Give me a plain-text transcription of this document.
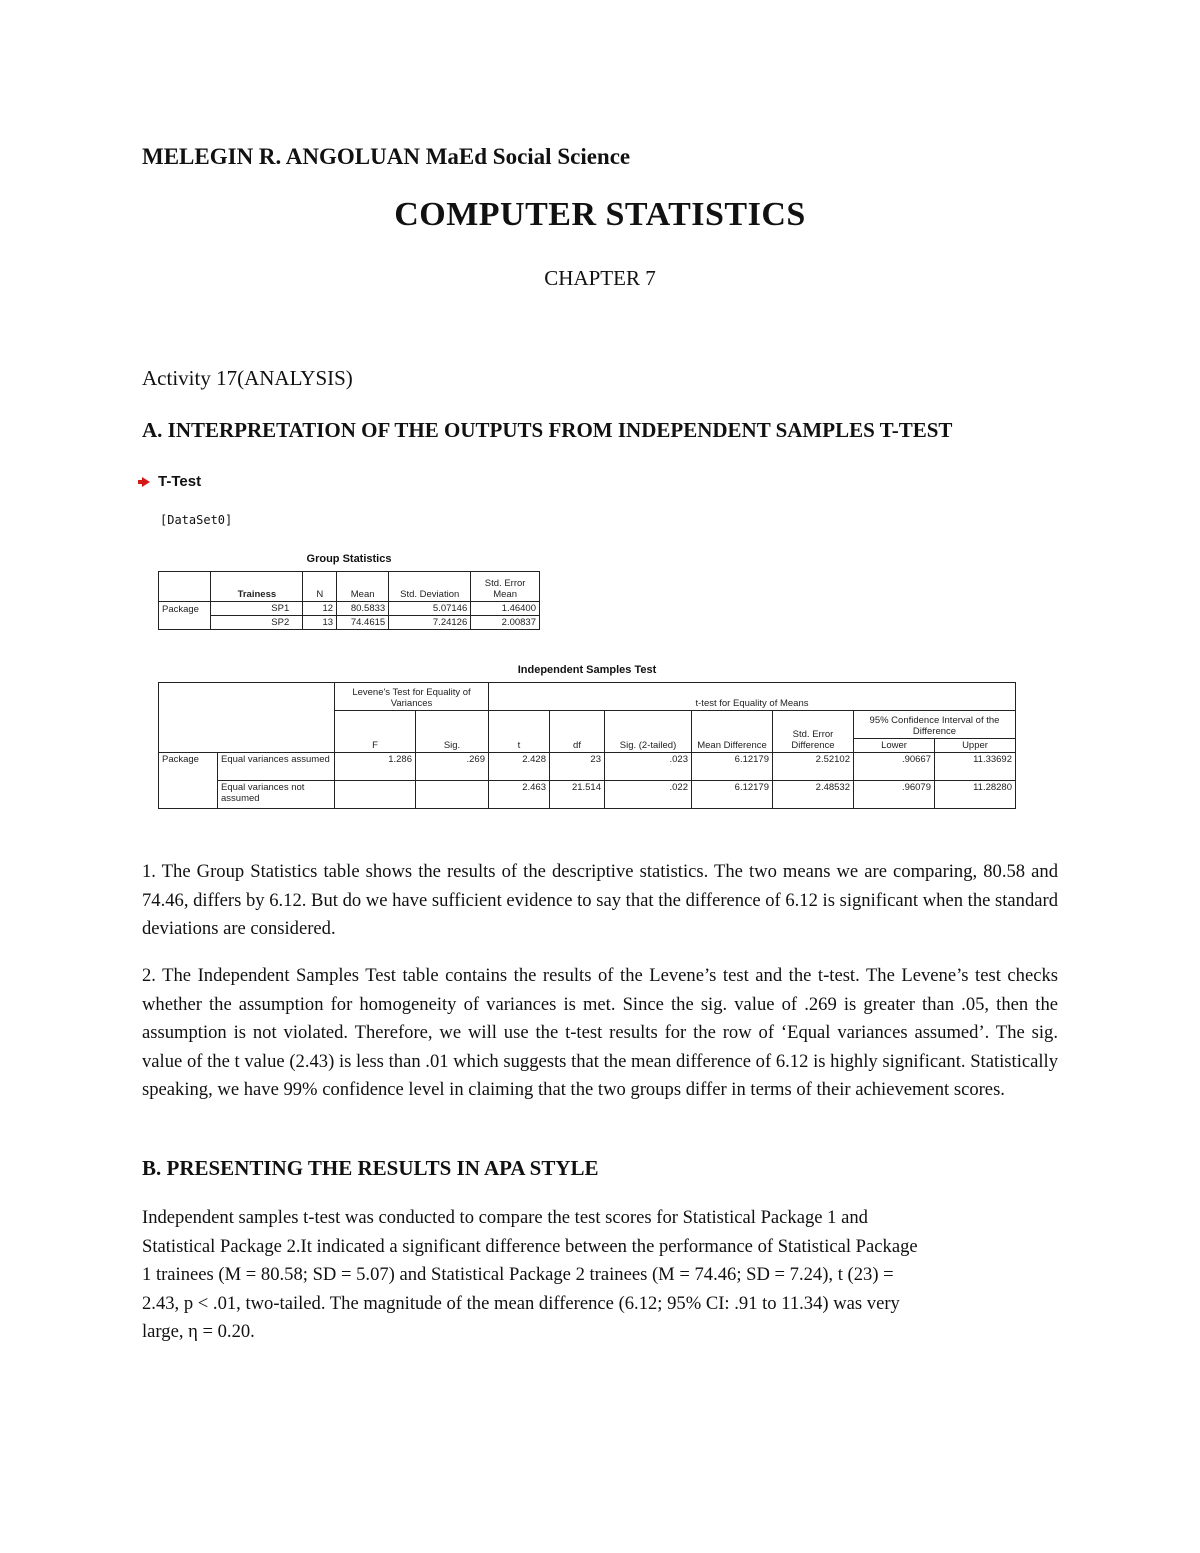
MELEGIN R. ANGOLUAN MaEd Social Science
COMPUTER STATISTICS
CHAPTER 7
Activity 17(ANALYSIS)
A. INTERPRETATION OF THE OUTPUTS FROM INDEPENDENT SAMPLES T-TEST
T-Test
[DataSet0]
Group Statistics
	Trainess	N	Mean	Std. Deviation	Std. Error Mean
Package	SP1	12	80.5833	5.07146	1.46400
	SP2	13	74.4615	7.24126	2.00837
Independent Samples Test
		Levene's Test for Equality of Variances		t-test for Equality of Means						
		F	Sig.	t	df	Sig. (2-tailed)	Mean Difference	Std. Error Difference	95% Confidence Interval of the Difference	
									Lower	Upper
Package	Equal variances assumed	1.286	.269	2.428	23	.023	6.12179	2.52102	.90667	11.33692
	Equal variances not assumed			2.463	21.514	.022	6.12179	2.48532	.96079	11.28280
1. The Group Statistics table shows the results of the descriptive statistics. The two means we are comparing, 80.58 and 74.46, differs by 6.12. But do we have sufficient evidence to say that the difference of 6.12 is significant when the standard deviations are considered.
2. The Independent Samples Test table contains the results of the Levene’s test and the t-test. The Levene’s test checks whether the assumption for homogeneity of variances is met. Since the sig. value of .269 is greater than .05, then the assumption is not violated. Therefore, we will use the t-test results for the row of ‘Equal variances assumed’. The sig. value of the t value (2.43) is less than .01 which suggests that the mean difference of 6.12 is highly significant. Statistically speaking, we have 99% confidence level in claiming that the two groups differ in terms of their achievement scores.
B. PRESENTING THE RESULTS IN APA STYLE
Independent samples t-test was conducted to compare the test scores for Statistical Package 1 and
Statistical Package 2.It indicated a significant difference between the performance of Statistical Package
1 trainees (M = 80.58; SD = 5.07) and Statistical Package 2 trainees (M = 74.46; SD = 7.24), t (23) =
2.43, p < .01, two-tailed. The magnitude of the mean difference (6.12; 95% CI: .91 to 11.34) was very
large, η = 0.20.
